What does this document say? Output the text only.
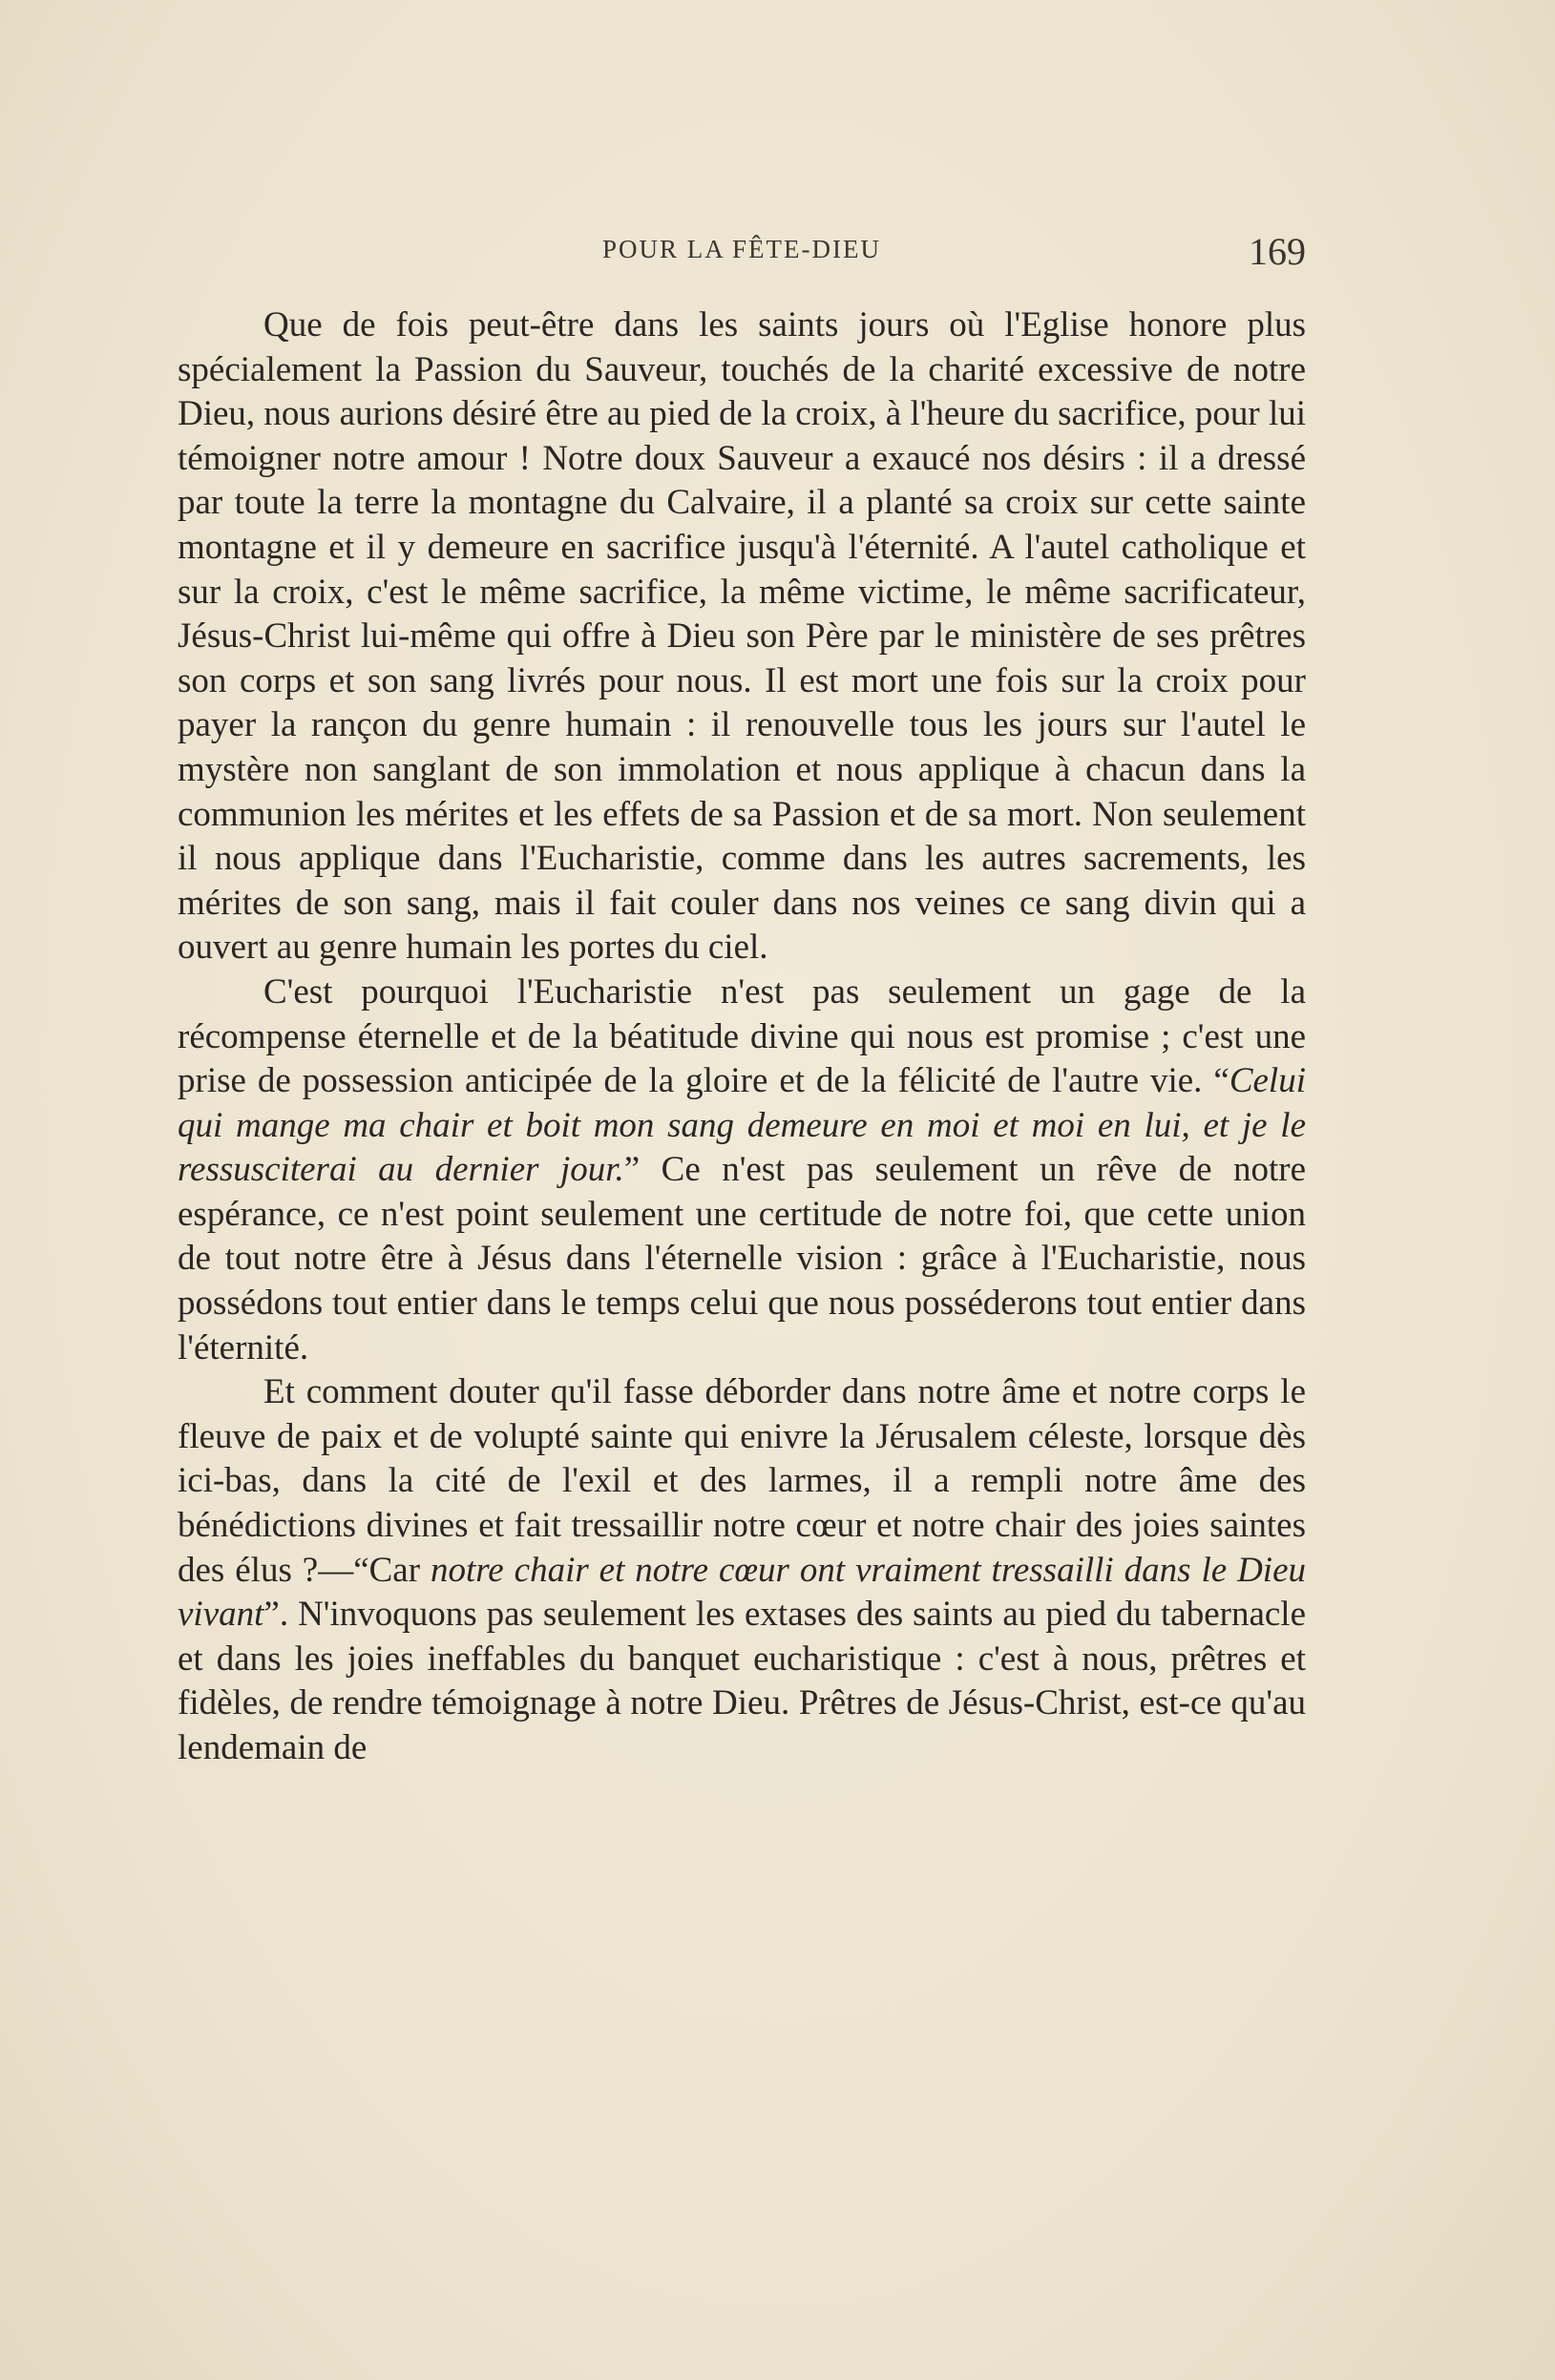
POUR LA FÊTE-DIEU	169

Que de fois peut-être dans les saints jours où l'Eglise honore plus spécialement la Passion du Sauveur, touchés de la charité excessive de notre Dieu, nous aurions désiré être au pied de la croix, à l'heure du sacrifice, pour lui témoigner notre amour ! Notre doux Sauveur a exaucé nos désirs : il a dressé par toute la terre la montagne du Calvaire, il a planté sa croix sur cette sainte montagne et il y demeure en sacrifice jusqu'à l'éternité. A l'autel catholique et sur la croix, c'est le même sacrifice, la même victime, le même sacrificateur, Jésus-Christ lui-même qui offre à Dieu son Père par le ministère de ses prêtres son corps et son sang livrés pour nous. Il est mort une fois sur la croix pour payer la rançon du genre humain : il renouvelle tous les jours sur l'autel le mystère non sanglant de son immolation et nous applique à chacun dans la communion les mérites et les effets de sa Passion et de sa mort. Non seulement il nous applique dans l'Eucharistie, comme dans les autres sacrements, les mérites de son sang, mais il fait couler dans nos veines ce sang divin qui a ouvert au genre humain les portes du ciel.

C'est pourquoi l'Eucharistie n'est pas seulement un gage de la récompense éternelle et de la béatitude divine qui nous est promise ; c'est une prise de possession anticipée de la gloire et de la félicité de l'autre vie. “Celui qui mange ma chair et boit mon sang demeure en moi et moi en lui, et je le ressusciterai au dernier jour.” Ce n'est pas seulement un rêve de notre espérance, ce n'est point seulement une certitude de notre foi, que cette union de tout notre être à Jésus dans l'éternelle vision : grâce à l'Eucharistie, nous possédons tout entier dans le temps celui que nous posséderons tout entier dans l'éternité.

Et comment douter qu'il fasse déborder dans notre âme et notre corps le fleuve de paix et de volupté sainte qui enivre la Jérusalem céleste, lorsque dès ici-bas, dans la cité de l'exil et des larmes, il a rempli notre âme des bénédictions divines et fait tressaillir notre cœur et notre chair des joies saintes des élus ?—“Car notre chair et notre cœur ont vraiment tressailli dans le Dieu vivant”. N'invoquons pas seulement les extases des saints au pied du tabernacle et dans les joies ineffables du banquet eucharistique : c'est à nous, prêtres et fidèles, de rendre témoignage à notre Dieu. Prêtres de Jésus-Christ, est-ce qu'au lendemain de
